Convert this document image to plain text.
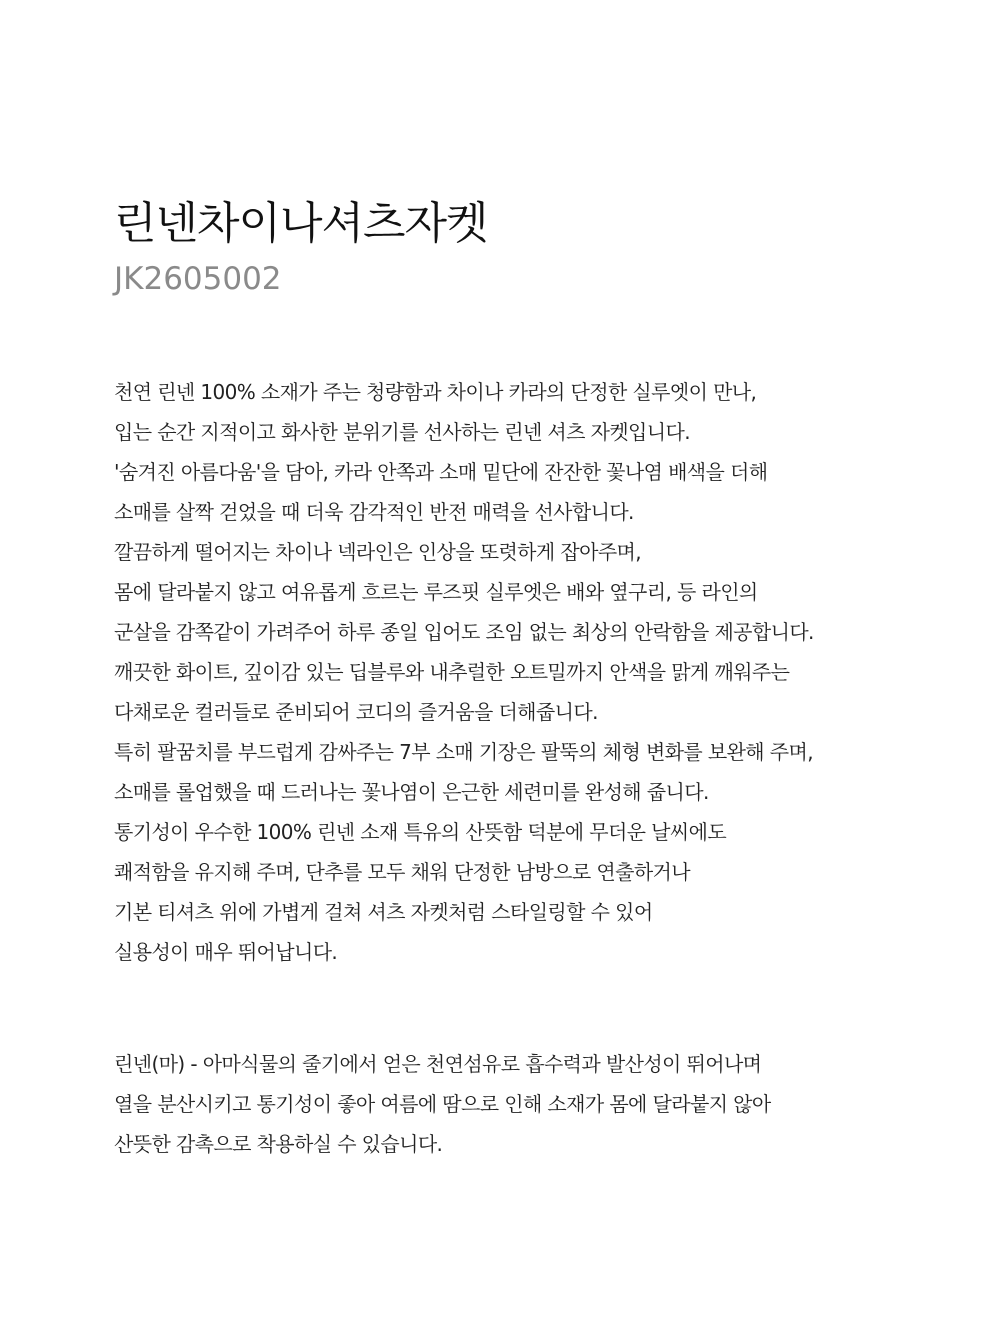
린넨차이나셔츠자켓

JK2605002

천연 린넨 100% 소재가 주는 청량함과 차이나 카라의 단정한 실루엣이 만나,
입는 순간 지적이고 화사한 분위기를 선사하는 린넨 셔츠 자켓입니다.
'숨겨진 아름다움'을 담아, 카라 안쪽과 소매 밑단에 잔잔한 꽃나염 배색을 더해
소매를 살짝 걷었을 때 더욱 감각적인 반전 매력을 선사합니다.
깔끔하게 떨어지는 차이나 넥라인은 인상을 또렷하게 잡아주며,
몸에 달라붙지 않고 여유롭게 흐르는 루즈핏 실루엣은 배와 옆구리, 등 라인의
군살을 감쪽같이 가려주어 하루 종일 입어도 조임 없는 최상의 안락함을 제공합니다.
깨끗한 화이트, 깊이감 있는 딥블루와 내추럴한 오트밀까지 안색을 맑게 깨워주는
다채로운 컬러들로 준비되어 코디의 즐거움을 더해줍니다.
특히 팔꿈치를 부드럽게 감싸주는 7부 소매 기장은 팔뚝의 체형 변화를 보완해 주며,
소매를 롤업했을 때 드러나는 꽃나염이 은근한 세련미를 완성해 줍니다.
통기성이 우수한 100% 린넨 소재 특유의 산뜻함 덕분에 무더운 날씨에도
쾌적함을 유지해 주며, 단추를 모두 채워 단정한 남방으로 연출하거나
기본 티셔츠 위에 가볍게 걸쳐 셔츠 자켓처럼 스타일링할 수 있어
실용성이 매우 뛰어납니다.
린넨(마) - 아마식물의 줄기에서 얻은 천연섬유로 흡수력과 발산성이 뛰어나며
열을 분산시키고 통기성이 좋아 여름에 땀으로 인해 소재가 몸에 달라붙지 않아
산뜻한 감촉으로 착용하실 수 있습니다.
